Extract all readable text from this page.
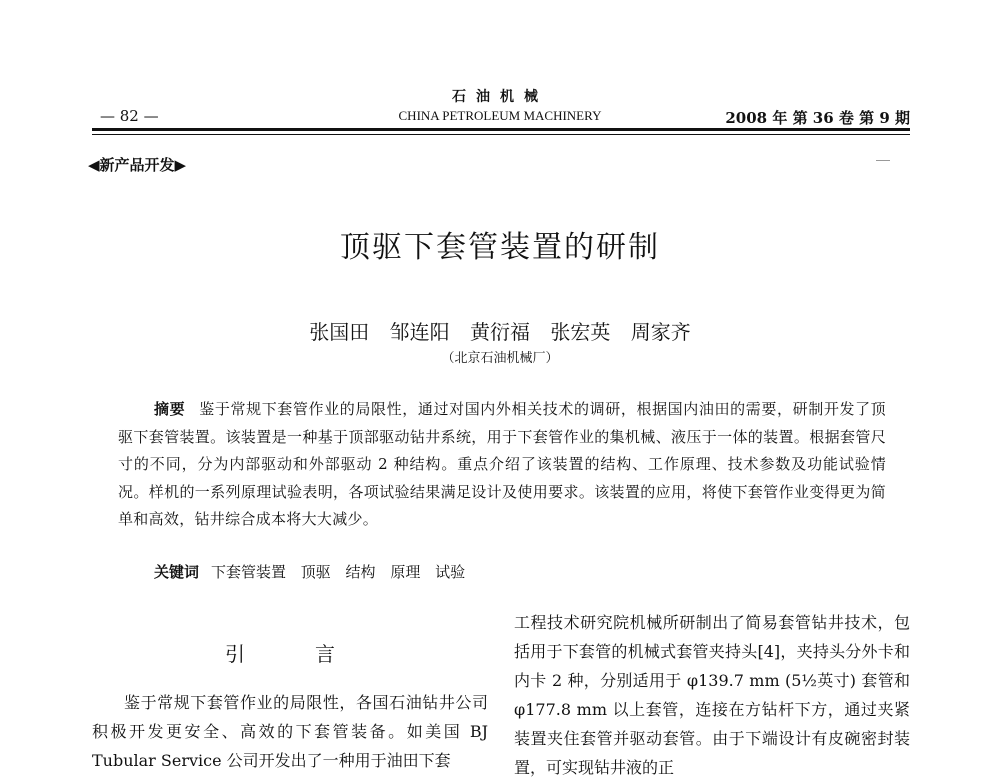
石油机械
— 82 —	CHINA PETROLEUM MACHINERY	2008 年 第 36 卷 第 9 期
◀新产品开发▶
顶驱下套管装置的研制
张国田 邹连阳 黄衍福 张宏英 周家齐
（北京石油机械厂）
摘要 鉴于常规下套管作业的局限性，通过对国内外相关技术的调研，根据国内油田的需要，研制开发了顶驱下套管装置。该装置是一种基于顶部驱动钻井系统，用于下套管作业的集机械、液压于一体的装置。根据套管尺寸的不同，分为内部驱动和外部驱动 2 种结构。重点介绍了该装置的结构、工作原理、技术参数及功能试验情况。样机的一系列原理试验表明，各项试验结果满足设计及使用要求。该装置的应用，将使下套管作业变得更为简单和高效，钻井综合成本将大大减少。
关键词 下套管装置 顶驱 结构 原理 试验
引言
鉴于常规下套管作业的局限性，各国石油钻井公司积极开发更安全、高效的下套管装备。如美国 BJ Tubular Service 公司开发出了一种用于油田下套
工程技术研究院机械所研制出了简易套管钻井技术，包括用于下套管的机械式套管夹持头[4]，夹持头分外卡和内卡 2 种，分别适用于 φ139.7 mm (5½英寸) 套管和 φ177.8 mm 以上套管，连接在方钻杆下方，通过夹紧装置夹住套管并驱动套管。由于下端设计有皮碗密封装置，可实现钻井液的正
